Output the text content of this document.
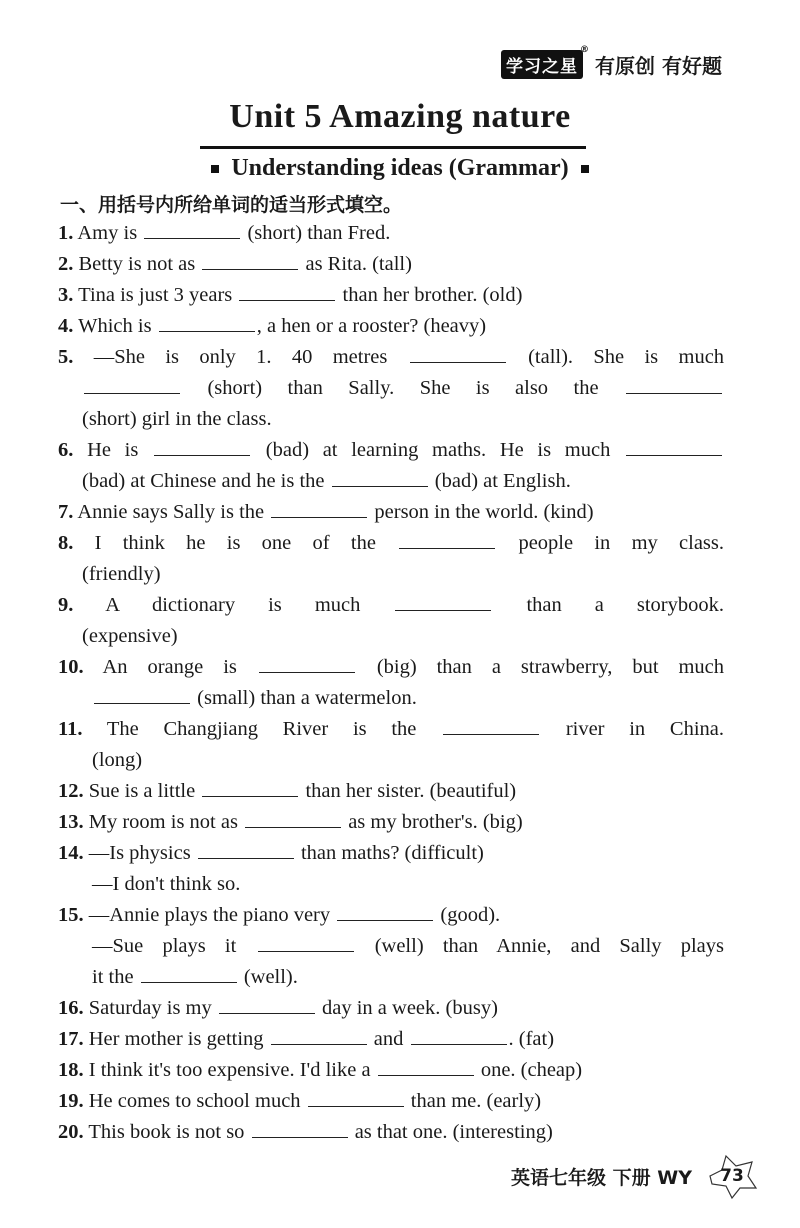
学习之星
®
有原创 有好题
Unit 5 Amazing nature
Understanding ideas (Grammar)
一、用括号内所给单词的适当形式填空。
1. Amy is	(short) than Fred.
2. Betty is not as	as Rita. (tall)
3. Tina is just 3 years	than her brother. (old)
4. Which is	, a hen or a rooster? (heavy)
5. —She is only 1. 40 metres	(tall). She is much
(short) than Sally. She is also the
(short) girl in the class.
6. He is	(bad) at learning maths. He is much
(bad) at Chinese and he is the	(bad) at English.
7. Annie says Sally is the	person in the world. (kind)
8. I think he is one of the	people in my class.
(friendly)
9. A dictionary is much	than a storybook.
(expensive)
10. An orange is	(big) than a strawberry, but much
(small) than a watermelon.
11. The Changjiang River is the	river in China.
(long)
12. Sue is a little	than her sister. (beautiful)
13. My room is not as	as my brother's. (big)
14. —Is physics	than maths? (difficult)
—I don't think so.
15. —Annie plays the piano very	(good).
—Sue plays it	(well) than Annie, and Sally plays
it the	(well).
16. Saturday is my	day in a week. (busy)
17. Her mother is getting	and	. (fat)
18. I think it's too expensive. I'd like a	one. (cheap)
19. He comes to school much	than me. (early)
20. This book is not so	as that one. (interesting)
英语七年级 下册 WY 73
